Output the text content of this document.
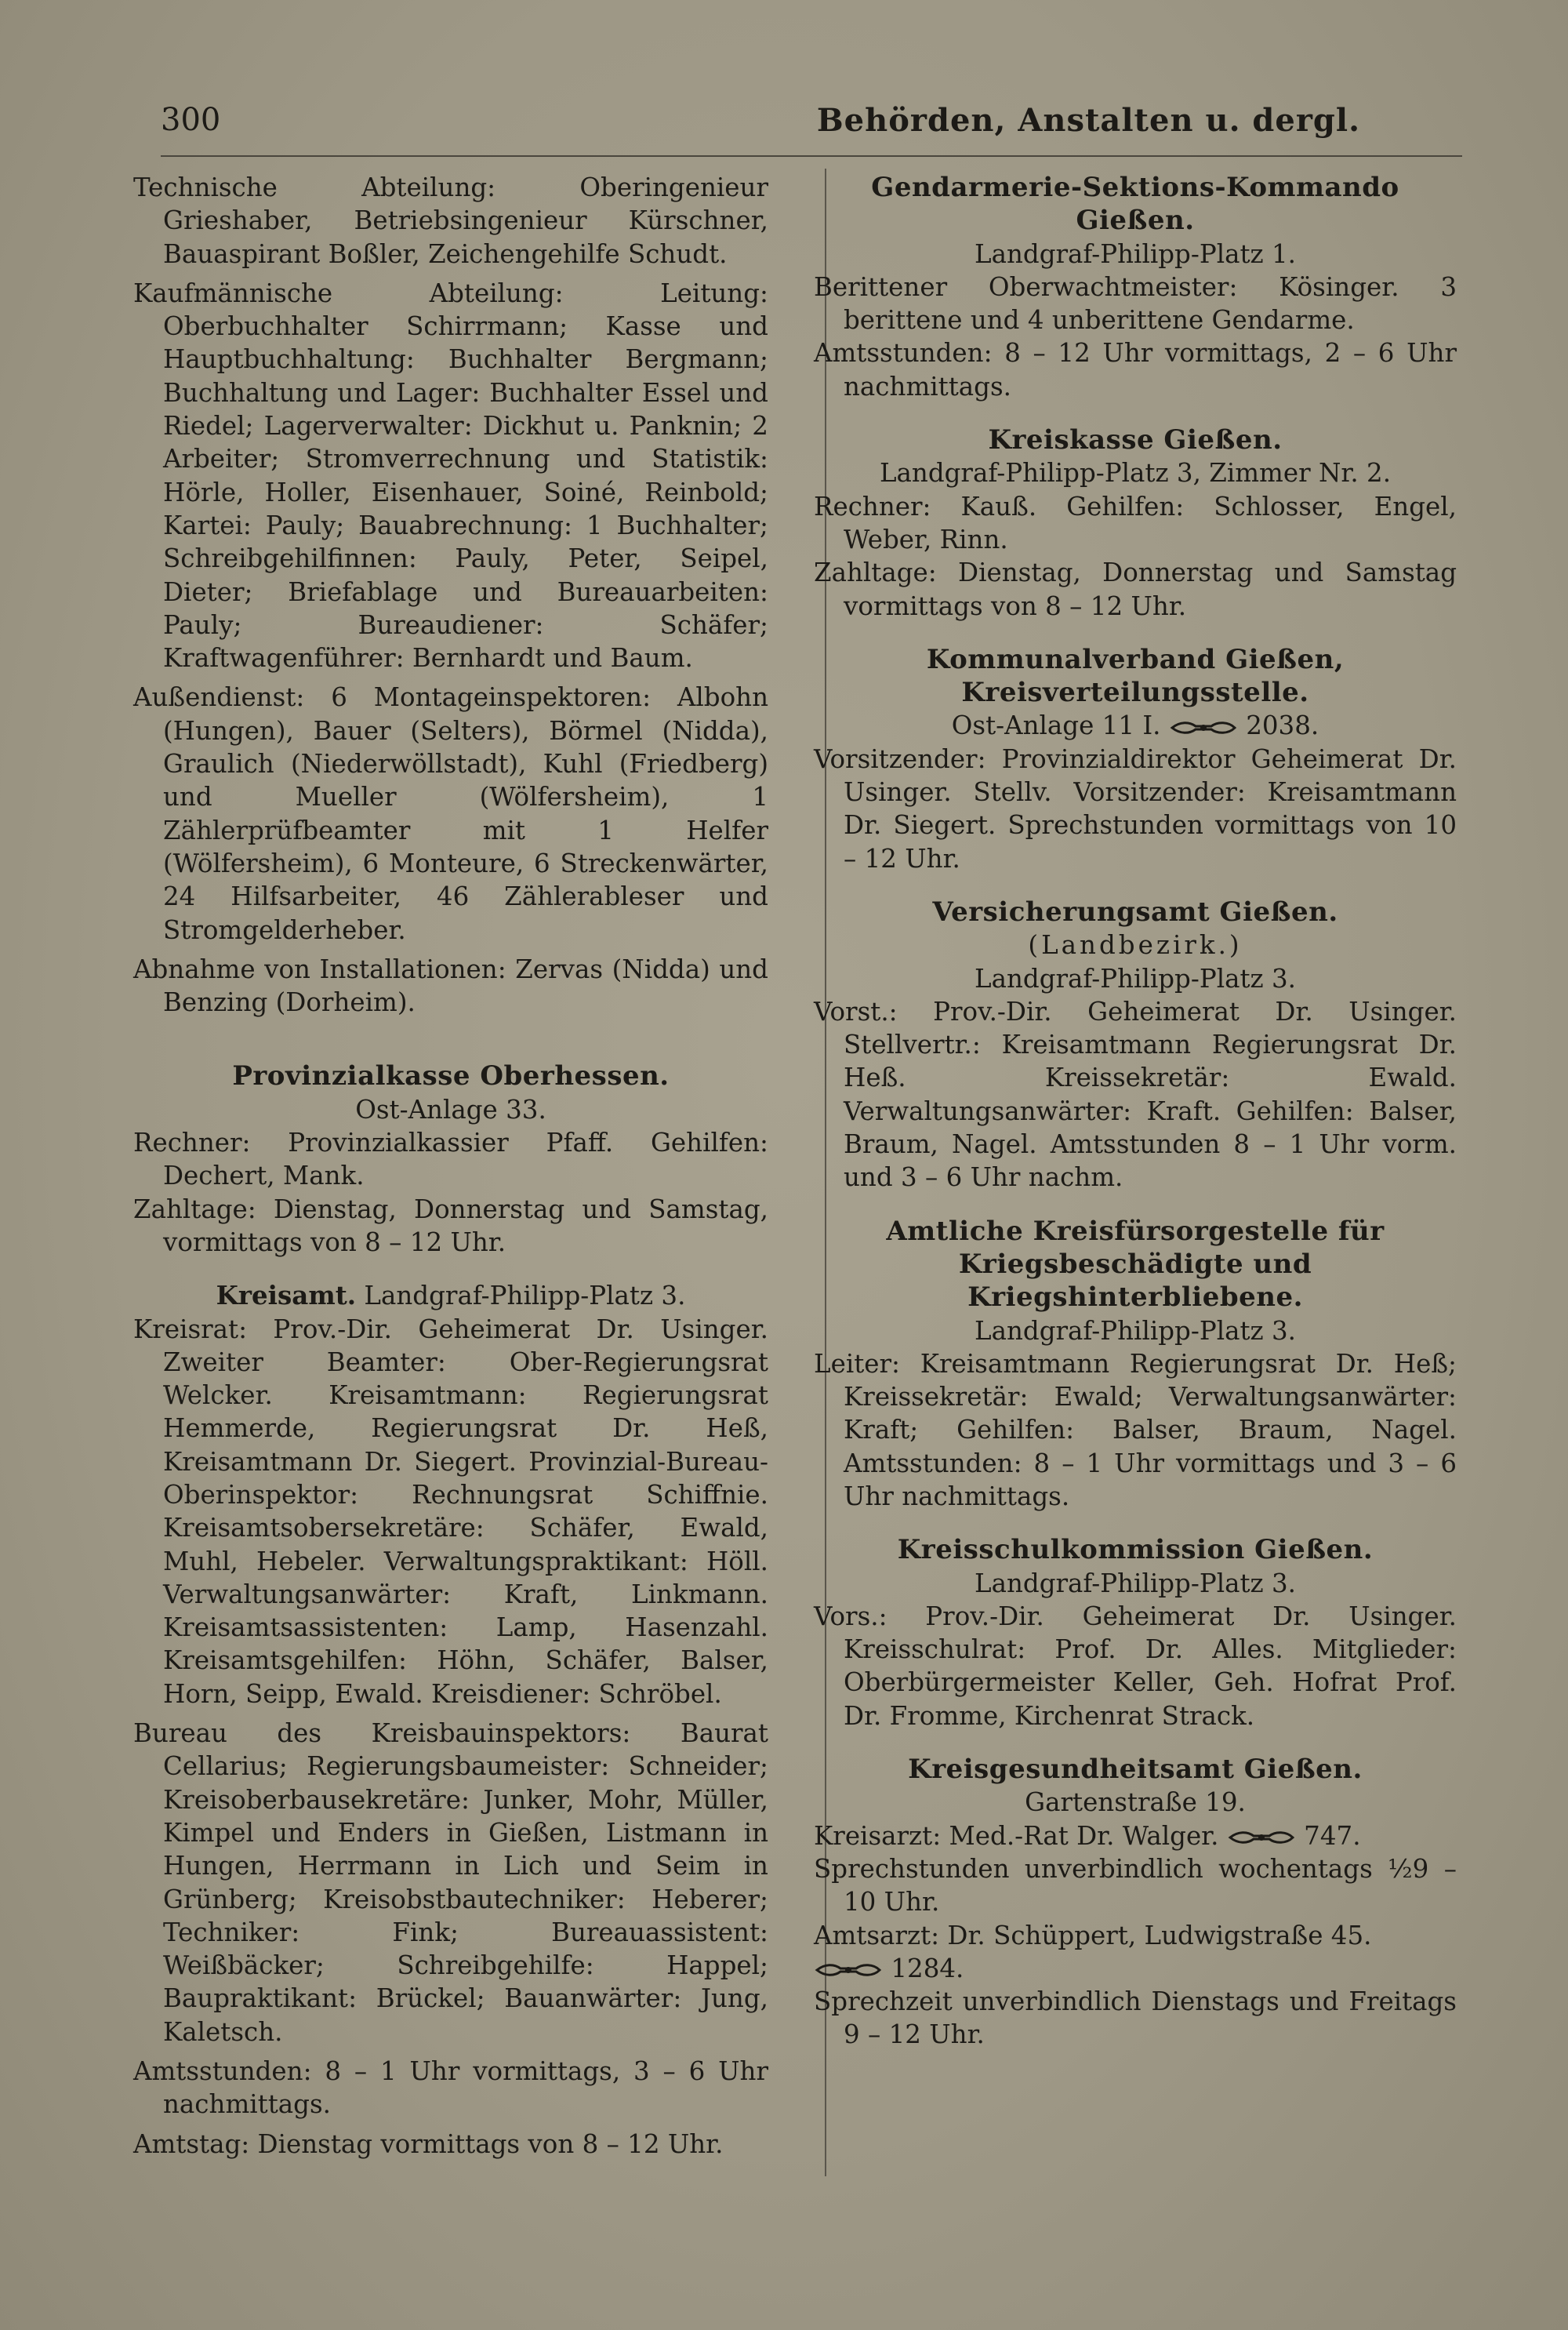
300	Behörden, Anstalten u. dergl.
Technische Abteilung: Oberingenieur Grieshaber, Betriebsingenieur Kürschner, Bauaspirant Boßler, Zeichengehilfe Schudt.
Kaufmännische Abteilung: Leitung: Oberbuchhalter Schirrmann; Kasse und Hauptbuchhaltung: Buchhalter Bergmann; Buchhaltung und Lager: Buchhalter Essel und Riedel; Lagerverwalter: Dickhut u. Panknin; 2 Arbeiter; Stromverrechnung und Statistik: Hörle, Holler, Eisenhauer, Soiné, Reinbold; Kartei: Pauly; Bauabrechnung: 1 Buchhalter; Schreibgehilfinnen: Pauly, Peter, Seipel, Dieter; Briefablage und Bureauarbeiten: Pauly; Bureaudiener: Schäfer; Kraftwagenführer: Bernhardt und Baum.
Außendienst: 6 Montageinspektoren: Albohn (Hungen), Bauer (Selters), Börmel (Nidda), Graulich (Niederwöllstadt), Kuhl (Friedberg) und Mueller (Wölfersheim), 1 Zählerprüfbeamter mit 1 Helfer (Wölfersheim), 6 Monteure, 6 Streckenwärter, 24 Hilfsarbeiter, 46 Zählerableser und Stromgelderheber.
Abnahme von Installationen: Zervas (Nidda) und Benzing (Dorheim).
Provinzialkasse Oberhessen.
Ost-Anlage 33.
Rechner: Provinzialkassier Pfaff. Gehilfen: Dechert, Mank.
Zahltage: Dienstag, Donnerstag und Samstag, vormittags von 8 – 12 Uhr.
Kreisamt. Landgraf-Philipp-Platz 3.
Kreisrat: Prov.-Dir. Geheimerat Dr. Usinger. Zweiter Beamter: Ober-Regierungsrat Welcker. Kreisamtmann: Regierungsrat Hemmerde, Regierungsrat Dr. Heß, Kreisamtmann Dr. Siegert. Provinzial-Bureau-Oberinspektor: Rechnungsrat Schiffnie. Kreisamtsobersekretäre: Schäfer, Ewald, Muhl, Hebeler. Verwaltungspraktikant: Höll. Verwaltungsanwärter: Kraft, Linkmann. Kreisamtsassistenten: Lamp, Hasenzahl. Kreisamtsgehilfen: Höhn, Schäfer, Balser, Horn, Seipp, Ewald. Kreisdiener: Schröbel.
Bureau des Kreisbauinspektors: Baurat Cellarius; Regierungsbaumeister: Schneider; Kreisoberbausekretäre: Junker, Mohr, Müller, Kimpel und Enders in Gießen, Listmann in Hungen, Herrmann in Lich und Seim in Grünberg; Kreisobstbautechniker: Heberer; Techniker: Fink; Bureauassistent: Weißbäcker; Schreibgehilfe: Happel; Baupraktikant: Brückel; Bauanwärter: Jung, Kaletsch.
Amtsstunden: 8 – 1 Uhr vormittags, 3 – 6 Uhr nachmittags.
Amtstag: Dienstag vormittags von 8 – 12 Uhr.
Gendarmerie-Sektions-Kommando Gießen.
Landgraf-Philipp-Platz 1.
Berittener Oberwachtmeister: Kösinger. 3 berittene und 4 unberittene Gendarme.
Amtsstunden: 8 – 12 Uhr vormittags, 2 – 6 Uhr nachmittags.
Kreiskasse Gießen.
Landgraf-Philipp-Platz 3, Zimmer Nr. 2.
Rechner: Kauß. Gehilfen: Schlosser, Engel, Weber, Rinn.
Zahltage: Dienstag, Donnerstag und Samstag vormittags von 8 – 12 Uhr.
Kommunalverband Gießen, Kreisverteilungsstelle.
Ost-Anlage 11 I.	2038.
Vorsitzender: Provinzialdirektor Geheimerat Dr. Usinger. Stellv. Vorsitzender: Kreisamtmann Dr. Siegert. Sprechstunden vormittags von 10 – 12 Uhr.
Versicherungsamt Gießen.
(Landbezirk.)
Landgraf-Philipp-Platz 3.
Vorst.: Prov.-Dir. Geheimerat Dr. Usinger. Stellvertr.: Kreisamtmann Regierungsrat Dr. Heß. Kreissekretär: Ewald. Verwaltungsanwärter: Kraft. Gehilfen: Balser, Braum, Nagel. Amtsstunden 8 – 1 Uhr vorm. und 3 – 6 Uhr nachm.
Amtliche Kreisfürsorgestelle für Kriegsbeschädigte und Kriegshinterbliebene.
Landgraf-Philipp-Platz 3.
Leiter: Kreisamtmann Regierungsrat Dr. Heß; Kreissekretär: Ewald; Verwaltungsanwärter: Kraft; Gehilfen: Balser, Braum, Nagel. Amtsstunden: 8 – 1 Uhr vormittags und 3 – 6 Uhr nachmittags.
Kreisschulkommission Gießen.
Landgraf-Philipp-Platz 3.
Vors.: Prov.-Dir. Geheimerat Dr. Usinger. Kreisschulrat: Prof. Dr. Alles. Mitglieder: Oberbürgermeister Keller, Geh. Hofrat Prof. Dr. Fromme, Kirchenrat Strack.
Kreisgesundheitsamt Gießen.
Gartenstraße 19.
Kreisarzt: Med.-Rat Dr. Walger.	747.
Sprechstunden unverbindlich wochentags ½9 – 10 Uhr.
Amtsarzt: Dr. Schüppert, Ludwigstraße 45.
1284.
Sprechzeit unverbindlich Dienstags und Freitags 9 – 12 Uhr.
